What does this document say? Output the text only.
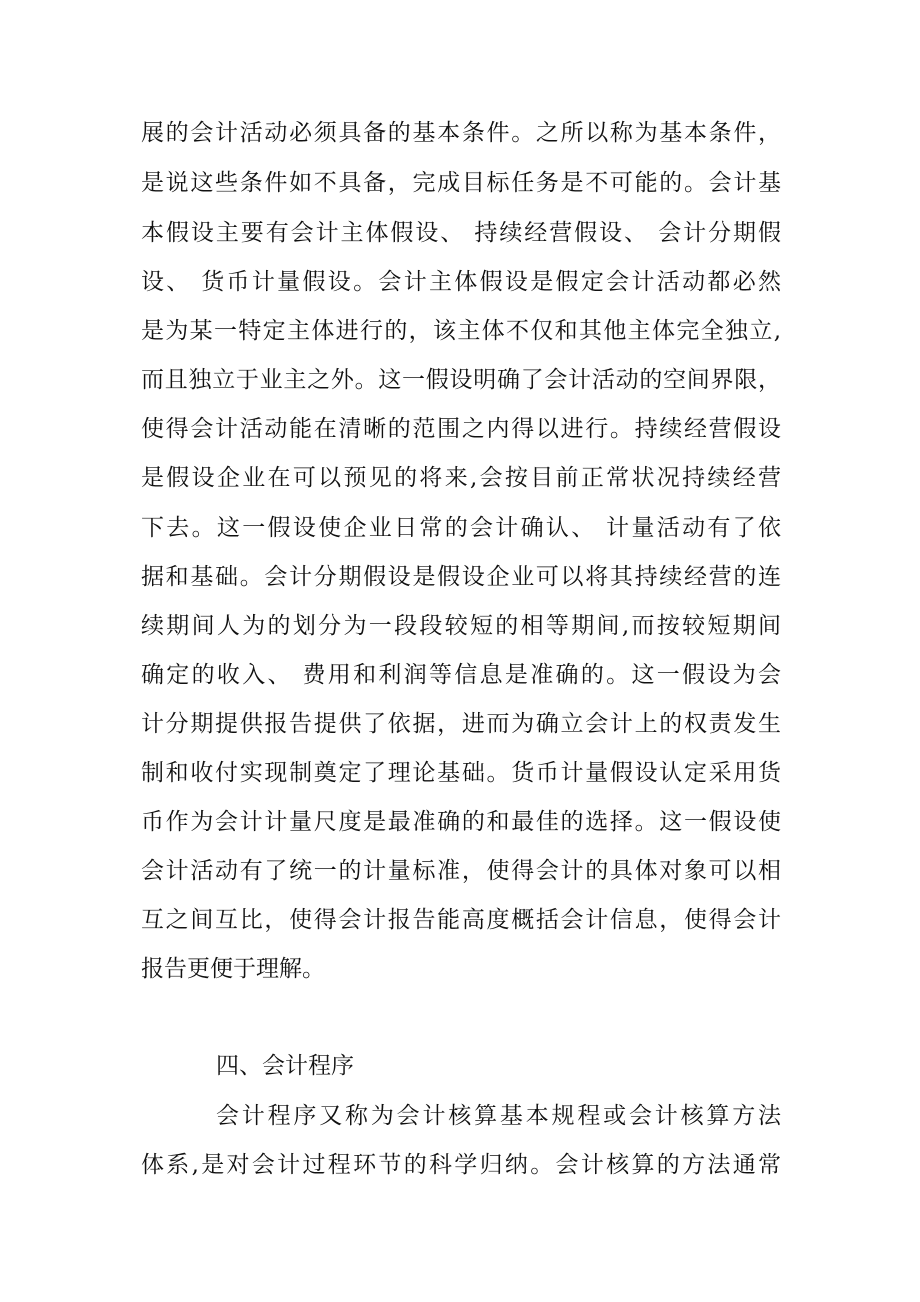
展的会计活动必须具备的基本条件。之所以称为基本条件，
是说这些条件如不具备，完成目标任务是不可能的。会计基
本假设主要有会计主体假设、 持续经营假设、 会计分期假
设、 货币计量假设。会计主体假设是假定会计活动都必然
是为某一特定主体进行的，该主体不仅和其他主体完全独立,
而且独立于业主之外。这一假设明确了会计活动的空间界限，
使得会计活动能在清晰的范围之内得以进行。持续经营假设
是假设企业在可以预见的将来,会按目前正常状况持续经营
下去。这一假设使企业日常的会计确认、 计量活动有了依
据和基础。会计分期假设是假设企业可以将其持续经营的连
续期间人为的划分为一段段较短的相等期间,而按较短期间
确定的收入、 费用和利润等信息是准确的。这一假设为会
计分期提供报告提供了依据，进而为确立会计上的权责发生
制和收付实现制奠定了理论基础。货币计量假设认定采用货
币作为会计计量尺度是最准确的和最佳的选择。这一假设使
会计活动有了统一的计量标准，使得会计的具体对象可以相
互之间互比，使得会计报告能高度概括会计信息，使得会计
报告更便于理解。
四、会计程序
会计程序又称为会计核算基本规程或会计核算方法
体系,是对会计过程环节的科学归纳。会计核算的方法通常
